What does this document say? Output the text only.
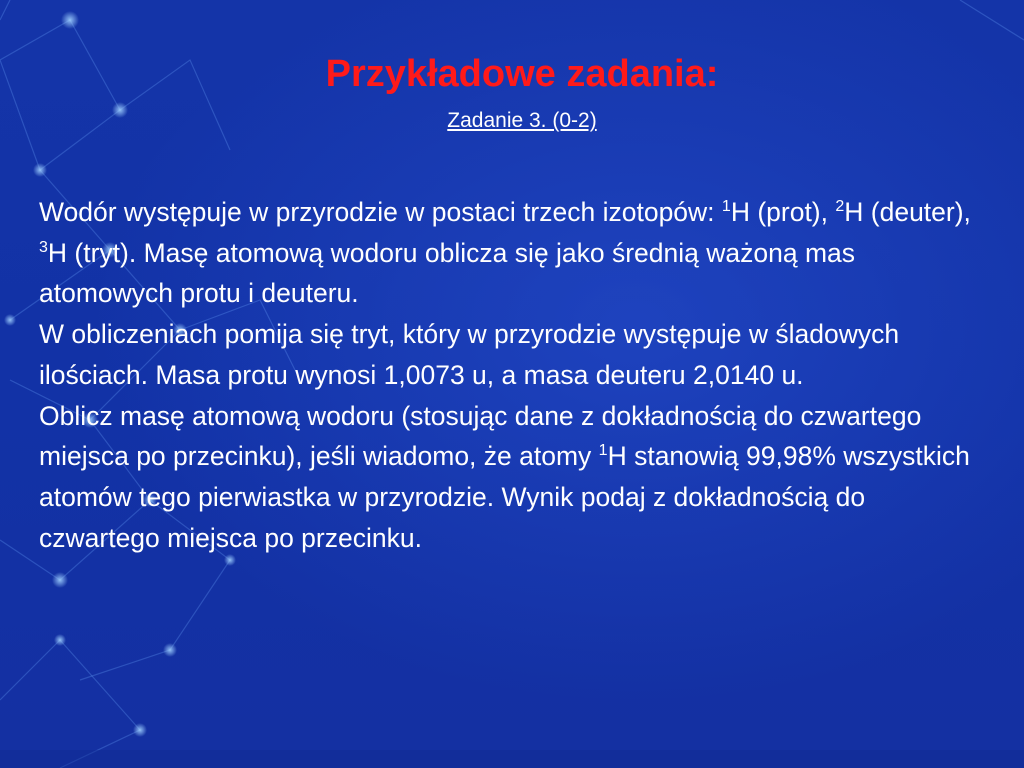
Przykładowe zadania:
Zadanie 3. (0-2)

Wodór występuje w przyrodzie w postaci trzech izotopów: $^1$H (prot), $^2$H (deuter), $^3$H (tryt). Masę atomową wodoru oblicza się jako średnią ważoną mas atomowych protu i deuteru.

W obliczeniach pomija się tryt, który w przyrodzie występuje w śladowych ilościach. Masa protu wynosi 1,0073 u, a masa deuteru 2,0140 u.

Oblicz masę atomową wodoru (stosując dane z dokładnością do czwartego miejsca po przecinku), jeśli wiadomo, że atomy $^1$H stanowią 99,98% wszystkich atomów tego pierwiastka w przyrodzie. Wynik podaj z dokładnością do czwartego miejsca po przecinku.
